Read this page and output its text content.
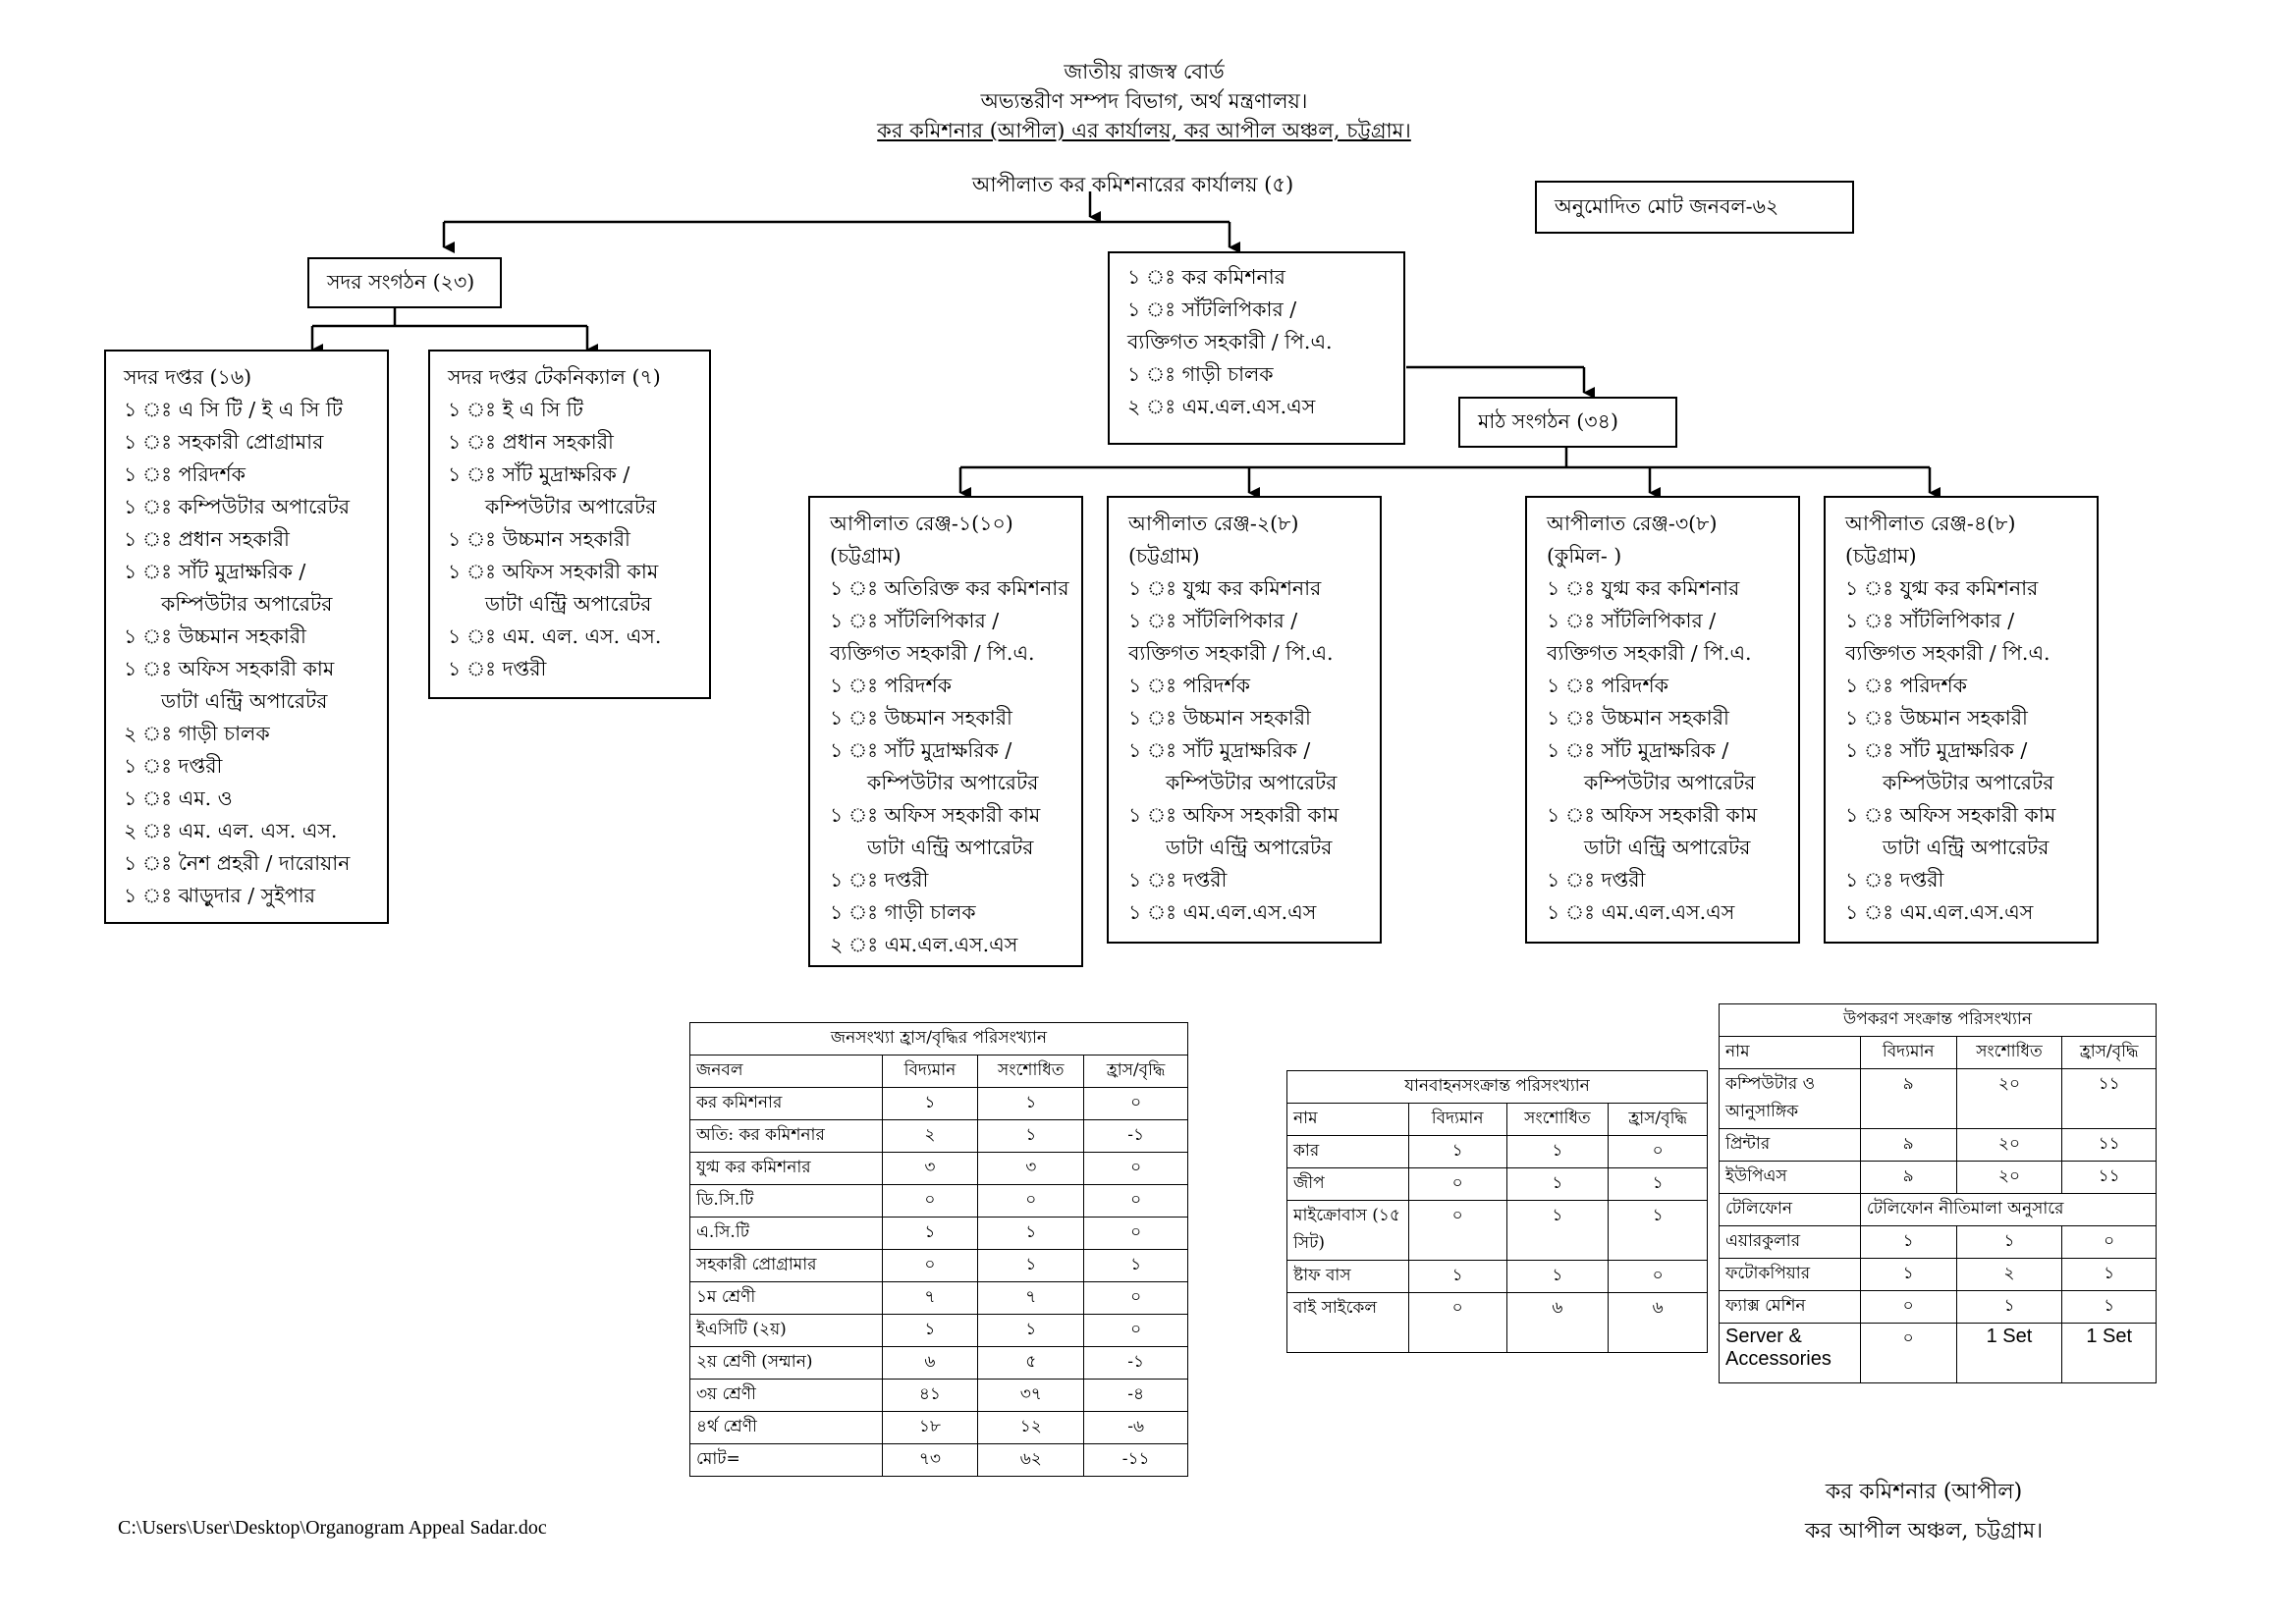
জাতীয় রাজস্ব বোর্ড
অভ্যন্তরীণ সম্পদ বিভাগ, অর্থ মন্ত্রণালয়।
কর কমিশনার (আপীল) এর কার্যালয়, কর আপীল অঞ্চল, চট্টগ্রাম।
আপীলাত কর কমিশনারের কার্যালয় (৫)
অনুমোদিত মোট জনবল-৬২
সদর সংগঠন (২৩)	১ ঃ কর কমিশনার
১ ঃ সাঁটলিপিকার /
ব্যক্তিগত সহকারী / পি.এ.
১ ঃ গাড়ী চালক
২ ঃ এম.এল.এস.এস
মাঠ সংগঠন (৩৪)
সদর দপ্তর (১৬)
১ ঃ এ সি টি / ই এ সি টি
১ ঃ সহকারী প্রোগ্রামার
১ ঃ পরিদর্শক
১ ঃ কম্পিউটার অপারেটর
১ ঃ প্রধান সহকারী
১ ঃ সাঁট মুদ্রাক্ষরিক /
কম্পিউটার অপারেটর
১ ঃ উচ্চমান সহকারী
১ ঃ অফিস সহকারী কাম
ডাটা এন্ট্রি অপারেটর
২ ঃ গাড়ী চালক
১ ঃ দপ্তরী
১ ঃ এম. ও
২ ঃ এম. এল. এস. এস.
১ ঃ নৈশ প্রহরী / দারোয়ান
১ ঃ ঝাড়ুদার / সুইপার
সদর দপ্তর টেকনিক্যাল (৭)
১ ঃ ই এ সি টি
১ ঃ প্রধান সহকারী
১ ঃ সাঁট মুদ্রাক্ষরিক /
কম্পিউটার অপারেটর
১ ঃ উচ্চমান সহকারী
১ ঃ অফিস সহকারী কাম
ডাটা এন্ট্রি অপারেটর
১ ঃ এম. এল. এস. এস.
১ ঃ দপ্তরী
আপীলাত রেঞ্জ-১(১০)
(চট্টগ্রাম)
১ ঃ অতিরিক্ত কর কমিশনার
১ ঃ সাঁটলিপিকার /
ব্যক্তিগত সহকারী / পি.এ.
১ ঃ পরিদর্শক
১ ঃ উচ্চমান সহকারী
১ ঃ সাঁট মুদ্রাক্ষরিক /
কম্পিউটার অপারেটর
১ ঃ অফিস সহকারী কাম
ডাটা এন্ট্রি অপারেটর
১ ঃ দপ্তরী
১ ঃ গাড়ী চালক
২ ঃ এম.এল.এস.এস
আপীলাত রেঞ্জ-২(৮)
(চট্টগ্রাম)
১ ঃ যুগ্ম কর কমিশনার
১ ঃ সাঁটলিপিকার /
ব্যক্তিগত সহকারী / পি.এ.
১ ঃ পরিদর্শক
১ ঃ উচ্চমান সহকারী
১ ঃ সাঁট মুদ্রাক্ষরিক /
কম্পিউটার অপারেটর
১ ঃ অফিস সহকারী কাম
ডাটা এন্ট্রি অপারেটর
১ ঃ দপ্তরী
১ ঃ এম.এল.এস.এস
আপীলাত রেঞ্জ-৩(৮)
(কুমিল- )
১ ঃ যুগ্ম কর কমিশনার
১ ঃ সাঁটলিপিকার /
ব্যক্তিগত সহকারী / পি.এ.
১ ঃ পরিদর্শক
১ ঃ উচ্চমান সহকারী
১ ঃ সাঁট মুদ্রাক্ষরিক /
কম্পিউটার অপারেটর
১ ঃ অফিস সহকারী কাম
ডাটা এন্ট্রি অপারেটর
১ ঃ দপ্তরী
১ ঃ এম.এল.এস.এস
আপীলাত রেঞ্জ-৪(৮)
(চট্টগ্রাম)
১ ঃ যুগ্ম কর কমিশনার
১ ঃ সাঁটলিপিকার /
ব্যক্তিগত সহকারী / পি.এ.
১ ঃ পরিদর্শক
১ ঃ উচ্চমান সহকারী
১ ঃ সাঁট মুদ্রাক্ষরিক /
কম্পিউটার অপারেটর
১ ঃ অফিস সহকারী কাম
ডাটা এন্ট্রি অপারেটর
১ ঃ দপ্তরী
১ ঃ এম.এল.এস.এস
জনসংখ্যা হ্রাস/বৃদ্ধির পরিসংখ্যান			
জনবল	বিদ্যমান	সংশোধিত	হ্রাস/বৃদ্ধি
কর কমিশনার	১	১	০
অতি: কর কমিশনার	২	১	-১
যুগ্ম কর কমিশনার	৩	৩	০
ডি.সি.টি	০	০	০
এ.সি.টি	১	১	০
সহকারী প্রোগ্রামার	০	১	১
১ম শ্রেণী	৭	৭	০
ইএসিটি (২য়)	১	১	০
২য় শ্রেণী (সম্মান)	৬	৫	-১
৩য় শ্রেণী	৪১	৩৭	-৪
৪র্থ শ্রেণী	১৮	১২	-৬
মোট=	৭৩	৬২	-১১
যানবাহনসংক্রান্ত পরিসংখ্যান			
নাম	বিদ্যমান	সংশোধিত	হ্রাস/বৃদ্ধি
কার	১	১	০
জীপ	০	১	১
মাইক্রোবাস (১৫ সিট)	০	১	১
ষ্টাফ বাস	১	১	০
বাই সাইকেল	০	৬	৬
উপকরণ সংক্রান্ত পরিসংখ্যান			
নাম	বিদ্যমান	সংশোধিত	হ্রাস/বৃদ্ধি
কম্পিউটার ও আনুসাঙ্গিক	৯	২০	১১
প্রিন্টার	৯	২০	১১
ইউপিএস	৯	২০	১১
টেলিফোন	টেলিফোন নীতিমালা অনুসারে		
এয়ারকুলার	১	১	০
ফটোকপিয়ার	১	২	১
ফ্যাক্স মেশিন	০	১	১
Server & Accessories	০	1 Set	1 Set
C:\Users\User\Desktop\Organogram Appeal Sadar.doc
কর কমিশনার (আপীল)
কর আপীল অঞ্চল, চট্টগ্রাম।
